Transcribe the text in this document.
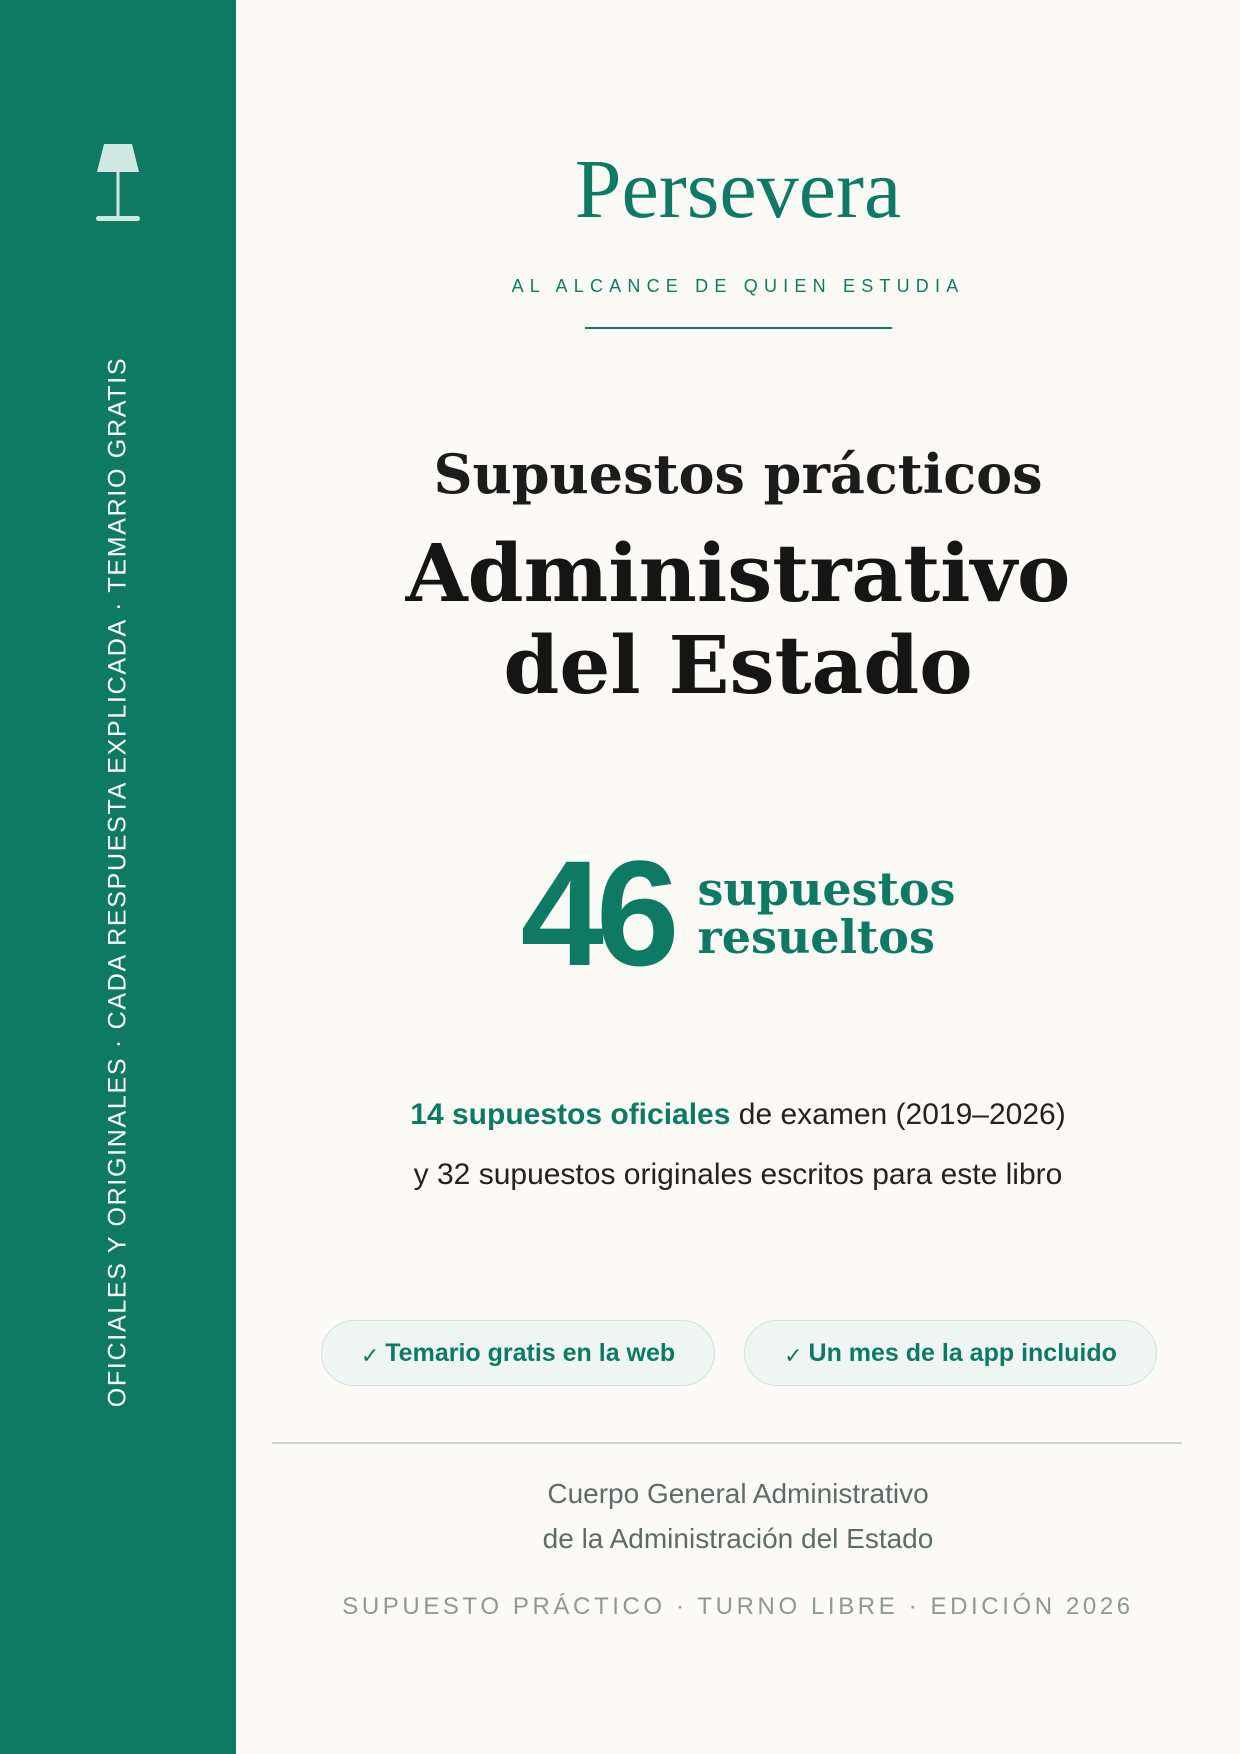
OFICIALES Y ORIGINALES · CADA RESPUESTA EXPLICADA · TEMARIO GRATIS
Persevera
AL ALCANCE DE QUIEN ESTUDIA
Supuestos prácticos
Administrativo
del Estado
46 supuestos
resueltos
14 supuestos oficiales de examen (2019–2026)
y 32 supuestos originales escritos para este libro
✓ Temario gratis en la web	✓ Un mes de la app incluido
Cuerpo General Administrativo
de la Administración del Estado
SUPUESTO PRÁCTICO · TURNO LIBRE · EDICIÓN 2026
